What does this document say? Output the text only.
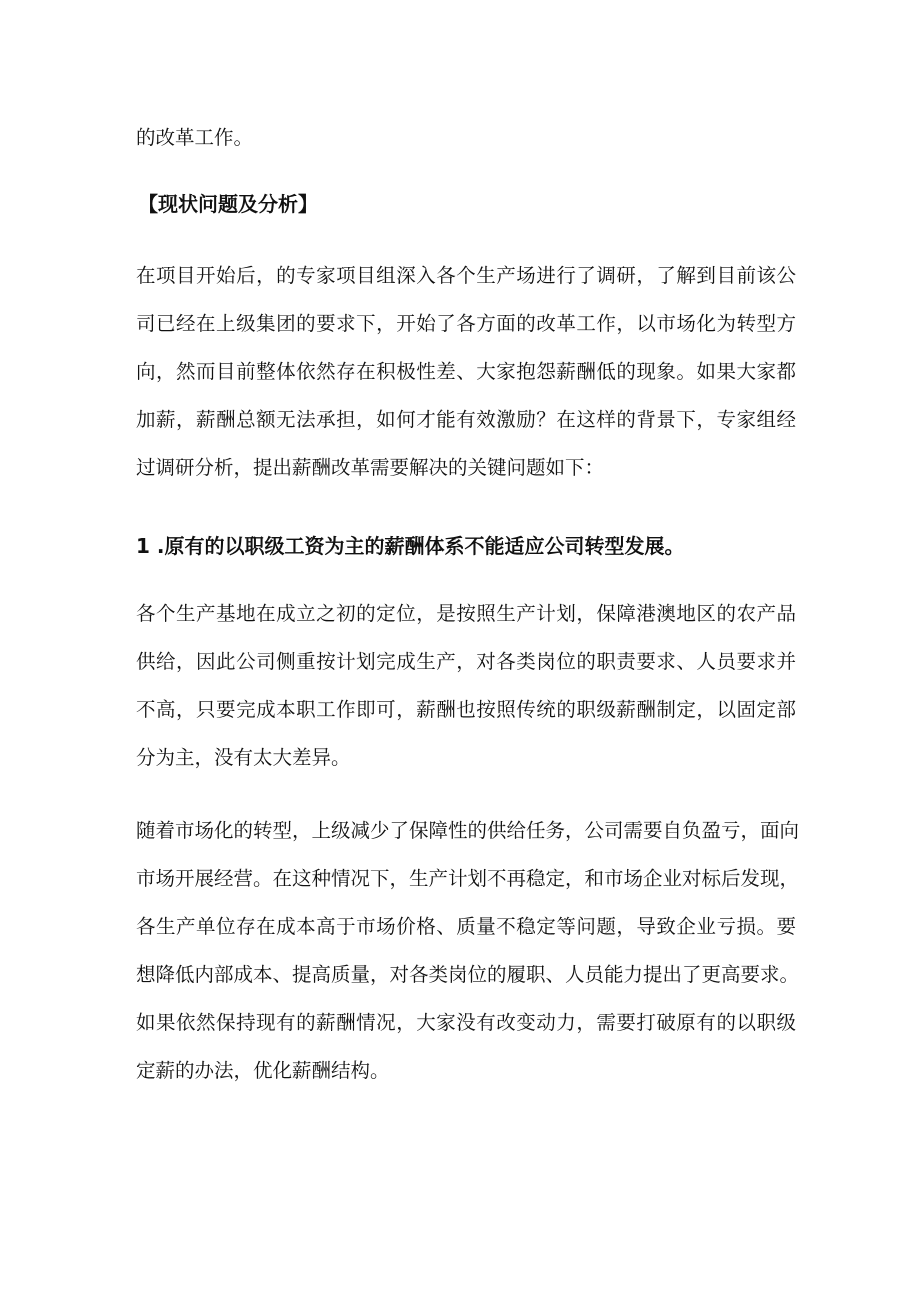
的改革工作。
【现状问题及分析】
在项目开始后，的专家项目组深入各个生产场进行了调研，了解到目前该公
司已经在上级集团的要求下，开始了各方面的改革工作，以市场化为转型方
向，然而目前整体依然存在积极性差、大家抱怨薪酬低的现象。如果大家都
加薪，薪酬总额无法承担，如何才能有效激励？在这样的背景下，专家组经
过调研分析，提出薪酬改革需要解决的关键问题如下：
1 .原有的以职级工资为主的薪酬体系不能适应公司转型发展。
各个生产基地在成立之初的定位，是按照生产计划，保障港澳地区的农产品
供给，因此公司侧重按计划完成生产，对各类岗位的职责要求、人员要求并
不高，只要完成本职工作即可，薪酬也按照传统的职级薪酬制定，以固定部
分为主，没有太大差异。
随着市场化的转型，上级减少了保障性的供给任务，公司需要自负盈亏，面向
市场开展经营。在这种情况下，生产计划不再稳定，和市场企业对标后发现，
各生产单位存在成本高于市场价格、质量不稳定等问题，导致企业亏损。要
想降低内部成本、提高质量，对各类岗位的履职、人员能力提出了更高要求。
如果依然保持现有的薪酬情况，大家没有改变动力，需要打破原有的以职级
定薪的办法，优化薪酬结构。
